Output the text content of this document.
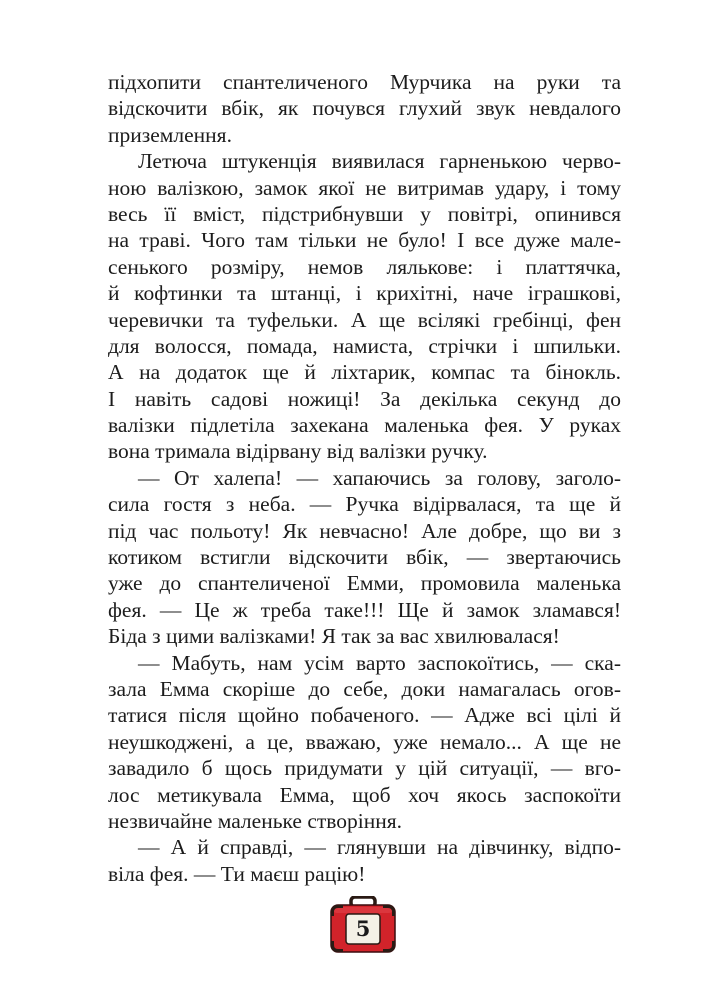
підхопити спантеличеного Мурчика на руки та
відскочити вбік, як почувся глухий звук невдалого
приземлення.
Летюча штукенція виявилася гарненькою черво-
ною валізкою, замок якої не витримав удару, і тому
весь її вміст, підстрибнувши у повітрі, опинився
на траві. Чого там тільки не було! І все дуже мале-
сенького розміру, немов лялькове: і платтячка,
й кофтинки та штанці, і крихітні, наче іграшкові,
черевички та туфельки. А ще всілякі гребінці, фен
для волосся, помада, намиста, стрічки і шпильки.
А на додаток ще й ліхтарик, компас та бінокль.
І навіть садові ножиці! За декілька секунд до
валізки підлетіла захекана маленька фея. У руках
вона тримала відірвану від валізки ручку.
— От халепа! — хапаючись за голову, заголо-
сила гостя з неба. — Ручка відірвалася, та ще й
під час польоту! Як невчасно! Але добре, що ви з
котиком встигли відскочити вбік, — звертаючись
уже до спантеличеної Емми, промовила маленька
фея. — Це ж треба таке!!! Ще й замок зламався!
Біда з цими валізками! Я так за вас хвилювалася!
— Мабуть, нам усім варто заспокоїтись, — ска-
зала Емма скоріше до себе, доки намагалась огов-
татися після щойно побаченого. — Адже всі цілі й
неушкоджені, а це, вважаю, уже немало... А ще не
завадило б щось придумати у цій ситуації, — вго-
лос метикувала Емма, щоб хоч якось заспокоїти
незвичайне маленьке створіння.
— А й справді, — глянувши на дівчинку, відпо-
віла фея. — Ти маєш рацію!
5
